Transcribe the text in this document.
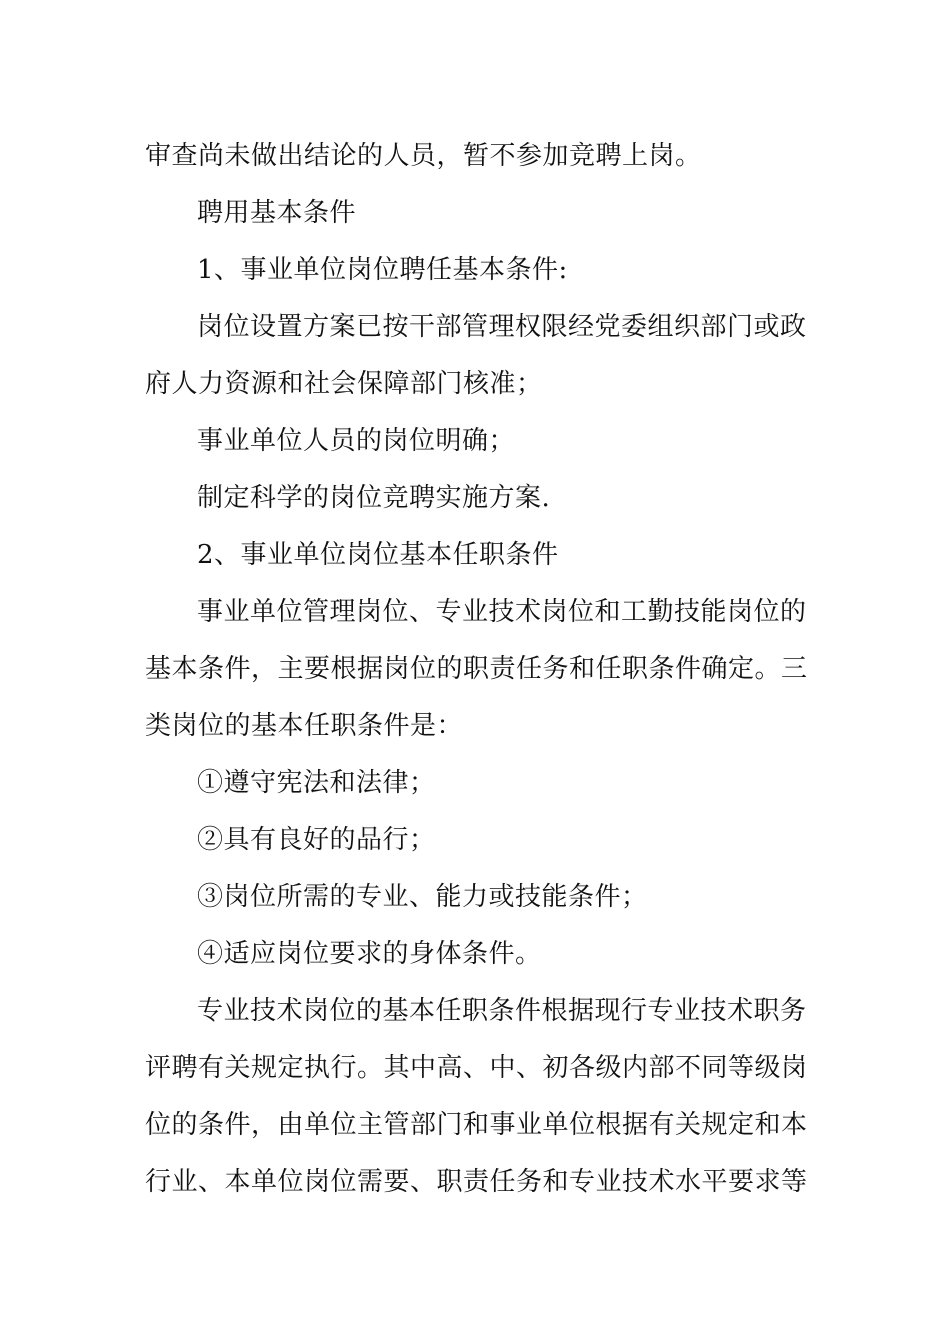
审查尚未做出结论的人员，暂不参加竞聘上岗。
聘用基本条件
1、事业单位岗位聘任基本条件:
岗位设置方案已按干部管理权限经党委组织部门或政
府人力资源和社会保障部门核准；
事业单位人员的岗位明确；
制定科学的岗位竞聘实施方案.
2、事业单位岗位基本任职条件
事业单位管理岗位、专业技术岗位和工勤技能岗位的
基本条件，主要根据岗位的职责任务和任职条件确定。三
类岗位的基本任职条件是：
①遵守宪法和法律；
②具有良好的品行；
③岗位所需的专业、能力或技能条件；
④适应岗位要求的身体条件。
专业技术岗位的基本任职条件根据现行专业技术职务
评聘有关规定执行。其中高、中、初各级内部不同等级岗
位的条件，由单位主管部门和事业单位根据有关规定和本
行业、本单位岗位需要、职责任务和专业技术水平要求等
